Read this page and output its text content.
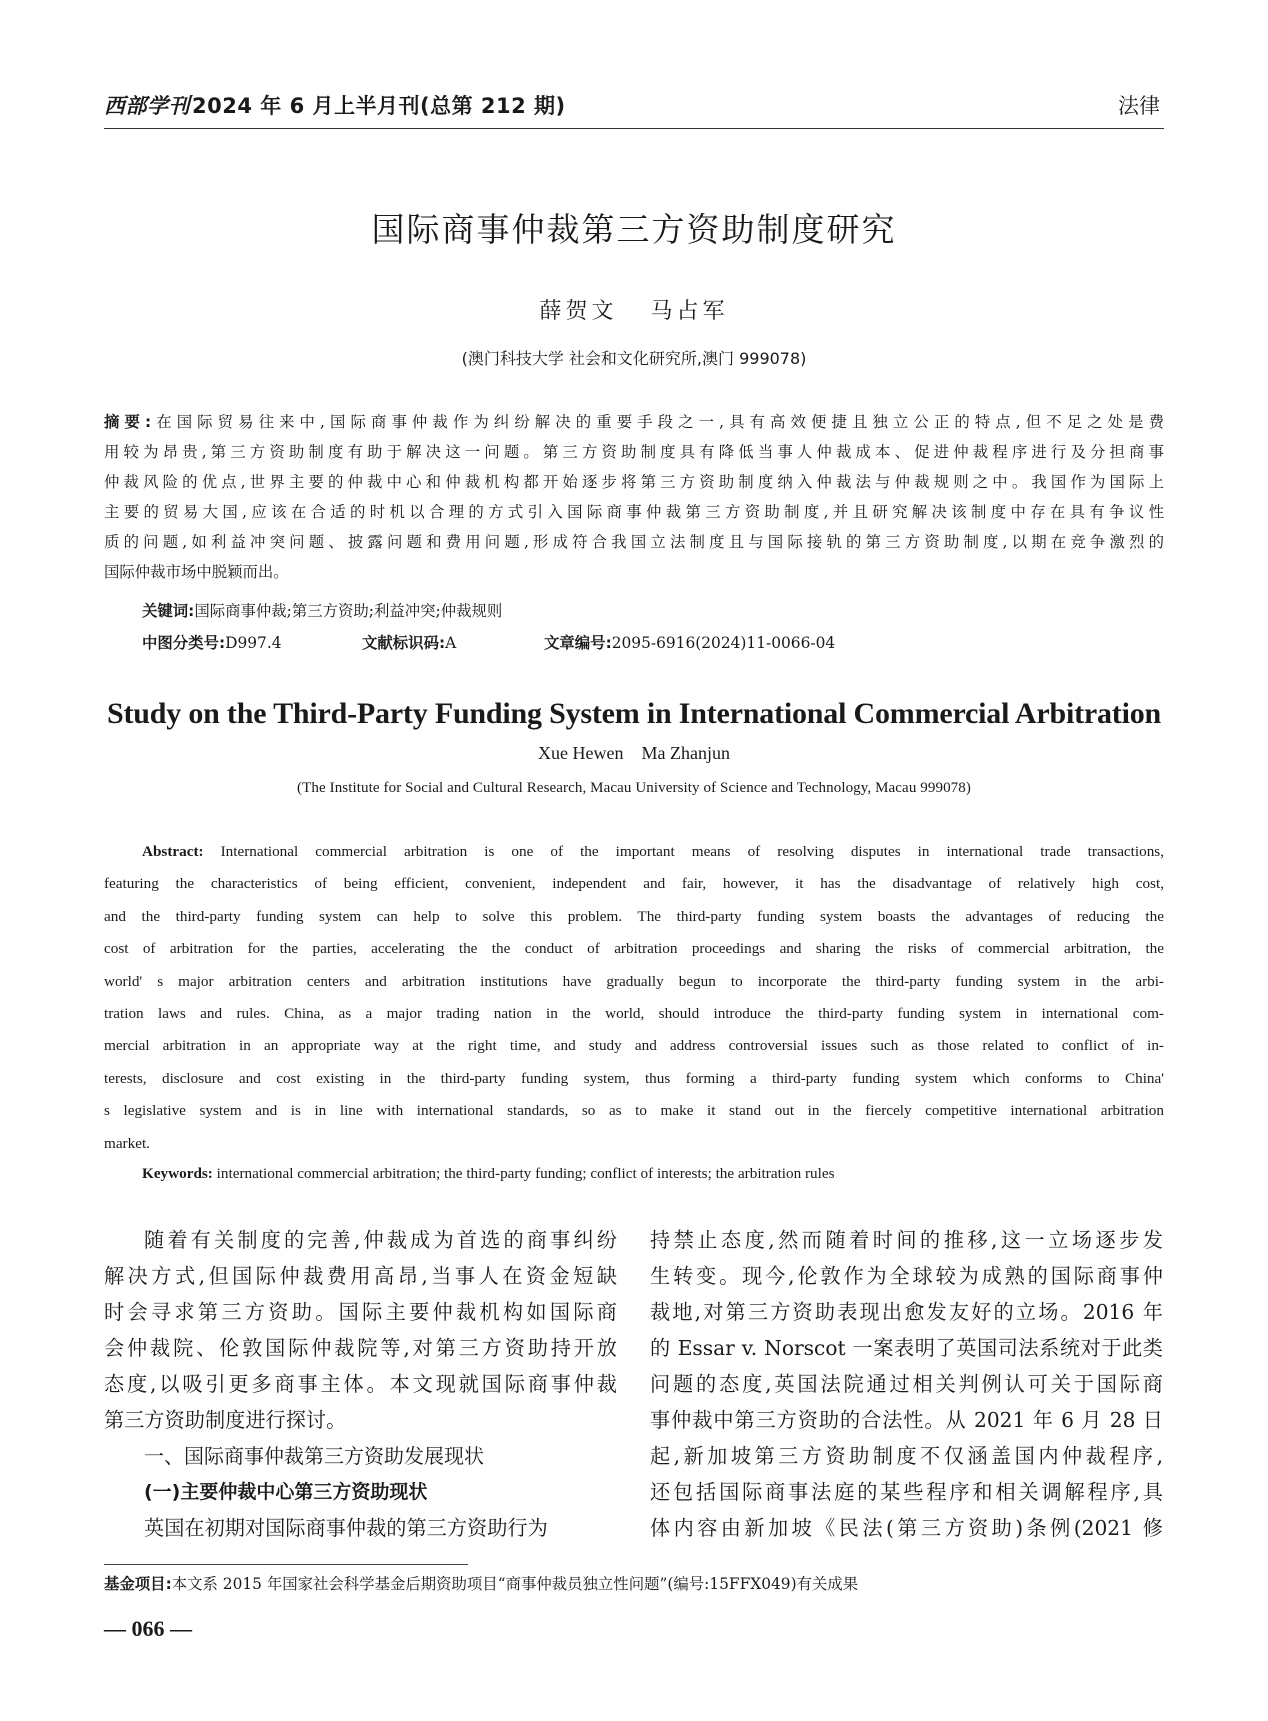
西部学刊2024 年 6 月上半月刊(总第 212 期)	法律
国际商事仲裁第三方资助制度研究
薛贺文   马占军
(澳门科技大学 社会和文化研究所,澳门 999078)
摘要:在国际贸易往来中,国际商事仲裁作为纠纷解决的重要手段之一,具有高效便捷且独立公正的特点,但不足之处是费
用较为昂贵,第三方资助制度有助于解决这一问题。第三方资助制度具有降低当事人仲裁成本、促进仲裁程序进行及分担商事
仲裁风险的优点,世界主要的仲裁中心和仲裁机构都开始逐步将第三方资助制度纳入仲裁法与仲裁规则之中。我国作为国际上
主要的贸易大国,应该在合适的时机以合理的方式引入国际商事仲裁第三方资助制度,并且研究解决该制度中存在具有争议性
质的问题,如利益冲突问题、披露问题和费用问题,形成符合我国立法制度且与国际接轨的第三方资助制度,以期在竞争激烈的
国际仲裁市场中脱颖而出。
关键词:国际商事仲裁;第三方资助;利益冲突;仲裁规则
中图分类号:D997.4	文献标识码:A	文章编号:2095-6916(2024)11-0066-04
Study on the Third-Party Funding System in International Commercial Arbitration
Xue Hewen    Ma Zhanjun
(The Institute for Social and Cultural Research, Macau University of Science and Technology, Macau 999078)
Abstract: International commercial arbitration is one of the important means of resolving disputes in international trade transactions,
featuring the characteristics of being efficient, convenient, independent and fair, however, it has the disadvantage of relatively high cost,
and the third-party funding system can help to solve this problem. The third-party funding system boasts the advantages of reducing the
cost of arbitration for the parties, accelerating the the conduct of arbitration proceedings and sharing the risks of commercial arbitration, the
world' s major arbitration centers and arbitration institutions have gradually begun to incorporate the third-party funding system in the arbi-
tration laws and rules. China, as a major trading nation in the world, should introduce the third-party funding system in international com-
mercial arbitration in an appropriate way at the right time, and study and address controversial issues such as those related to conflict of in-
terests, disclosure and cost existing in the third-party funding system, thus forming a third-party funding system which conforms to China'
s legislative system and is in line with international standards, so as to make it stand out in the fiercely competitive international arbitration
market.
Keywords: international commercial arbitration; the third-party funding; conflict of interests; the arbitration rules
随着有关制度的完善,仲裁成为首选的商事纠纷
解决方式,但国际仲裁费用高昂,当事人在资金短缺
时会寻求第三方资助。国际主要仲裁机构如国际商
会仲裁院、伦敦国际仲裁院等,对第三方资助持开放
态度,以吸引更多商事主体。本文现就国际商事仲裁
第三方资助制度进行探讨。
一、国际商事仲裁第三方资助发展现状
(一)主要仲裁中心第三方资助现状
英国在初期对国际商事仲裁的第三方资助行为
持禁止态度,然而随着时间的推移,这一立场逐步发
生转变。现今,伦敦作为全球较为成熟的国际商事仲
裁地,对第三方资助表现出愈发友好的立场。2016 年
的 Essar v. Norscot 一案表明了英国司法系统对于此类
问题的态度,英国法院通过相关判例认可关于国际商
事仲裁中第三方资助的合法性。从 2021 年 6 月 28 日
起,新加坡第三方资助制度不仅涵盖国内仲裁程序,
还包括国际商事法庭的某些程序和相关调解程序,具
体内容由新加坡《民法(第三方资助)条例(2021 修
基金项目:本文系 2015 年国家社会科学基金后期资助项目“商事仲裁员独立性问题”(编号:15FFX049)有关成果
— 066 —
